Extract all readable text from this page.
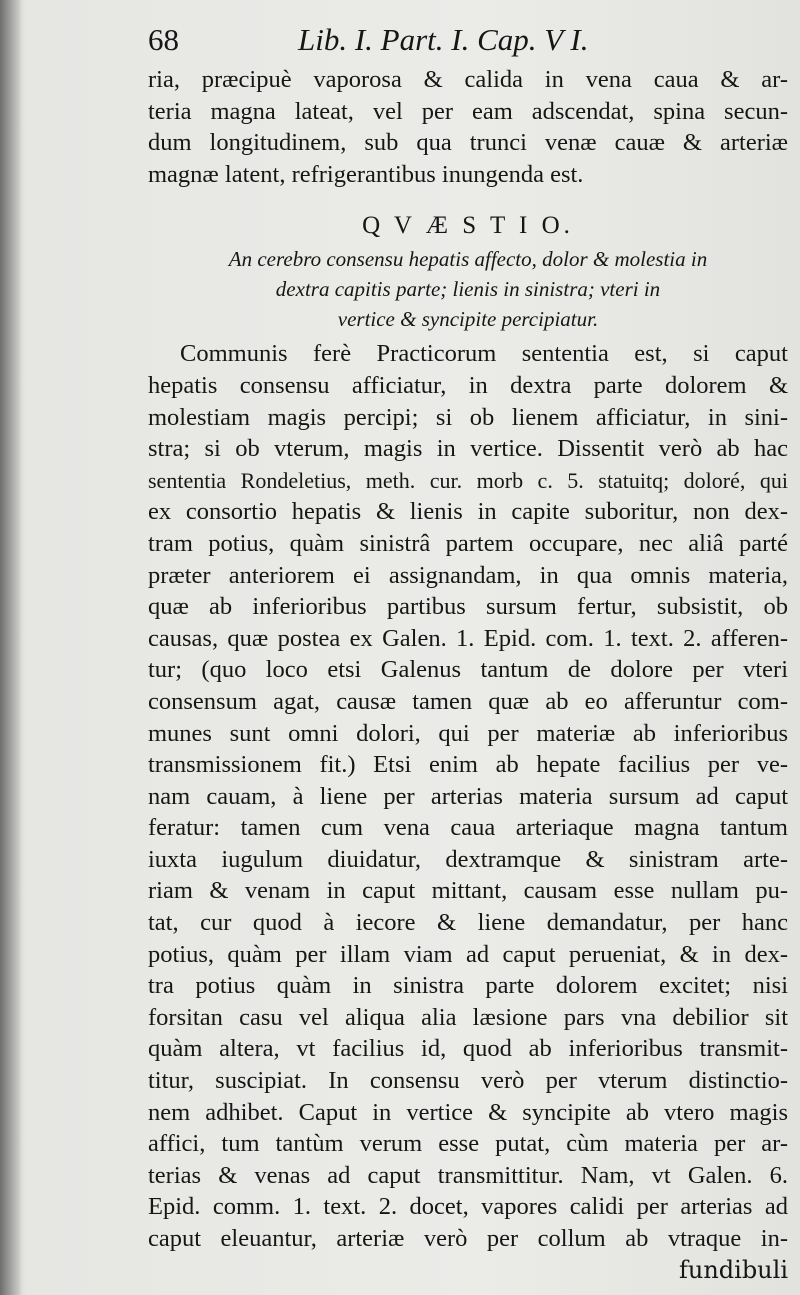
68	Lib. I. Part. I. Cap. V I.
ria, præcipuè vaporosa & calida in vena caua & ar-
teria magna lateat, vel per eam adscendat, spina secun-
dum longitudinem, sub qua trunci venæ cauæ & arteriæ
magnæ latent, refrigerantibus inungenda est.
Q V Æ S T I O.
An cerebro consensu hepatis affecto, dolor & molestia in
dextra capitis parte; lienis in sinistra; vteri in
vertice & syncipite percipiatur.
Communis ferè Practicorum sententia est, si caput
hepatis consensu afficiatur, in dextra parte dolorem &
molestiam magis percipi; si ob lienem afficiatur, in sini-
stra; si ob vterum, magis in vertice. Dissentit verò ab hac
sententia Rondeletius, meth. cur. morb c. 5. statuitq; doloré, qui
ex consortio hepatis & lienis in capite suboritur, non dex-
tram potius, quàm sinistrâ partem occupare, nec aliâ parté
præter anteriorem ei assignandam, in qua omnis materia,
quæ ab inferioribus partibus sursum fertur, subsistit, ob
causas, quæ postea ex Galen. 1. Epid. com. 1. text. 2. afferen-
tur; (quo loco etsi Galenus tantum de dolore per vteri
consensum agat, causæ tamen quæ ab eo afferuntur com-
munes sunt omni dolori, qui per materiæ ab inferioribus
transmissionem fit.) Etsi enim ab hepate facilius per ve-
nam cauam, à liene per arterias materia sursum ad caput
feratur: tamen cum vena caua arteriaque magna tantum
iuxta iugulum diuidatur, dextramque & sinistram arte-
riam & venam in caput mittant, causam esse nullam pu-
tat, cur quod à iecore & liene demandatur, per hanc
potius, quàm per illam viam ad caput perueniat, & in dex-
tra potius quàm in sinistra parte dolorem excitet; nisi
forsitan casu vel aliqua alia læsione pars vna debilior sit
quàm altera, vt facilius id, quod ab inferioribus transmit-
titur, suscipiat. In consensu verò per vterum distinctio-
nem adhibet. Caput in vertice & syncipite ab vtero magis
affici, tum tantùm verum esse putat, cùm materia per ar-
terias & venas ad caput transmittitur. Nam, vt Galen. 6.
Epid. comm. 1. text. 2. docet, vapores calidi per arterias ad
caput eleuantur, arteriæ verò per collum ab vtraque in-
fundibuli
